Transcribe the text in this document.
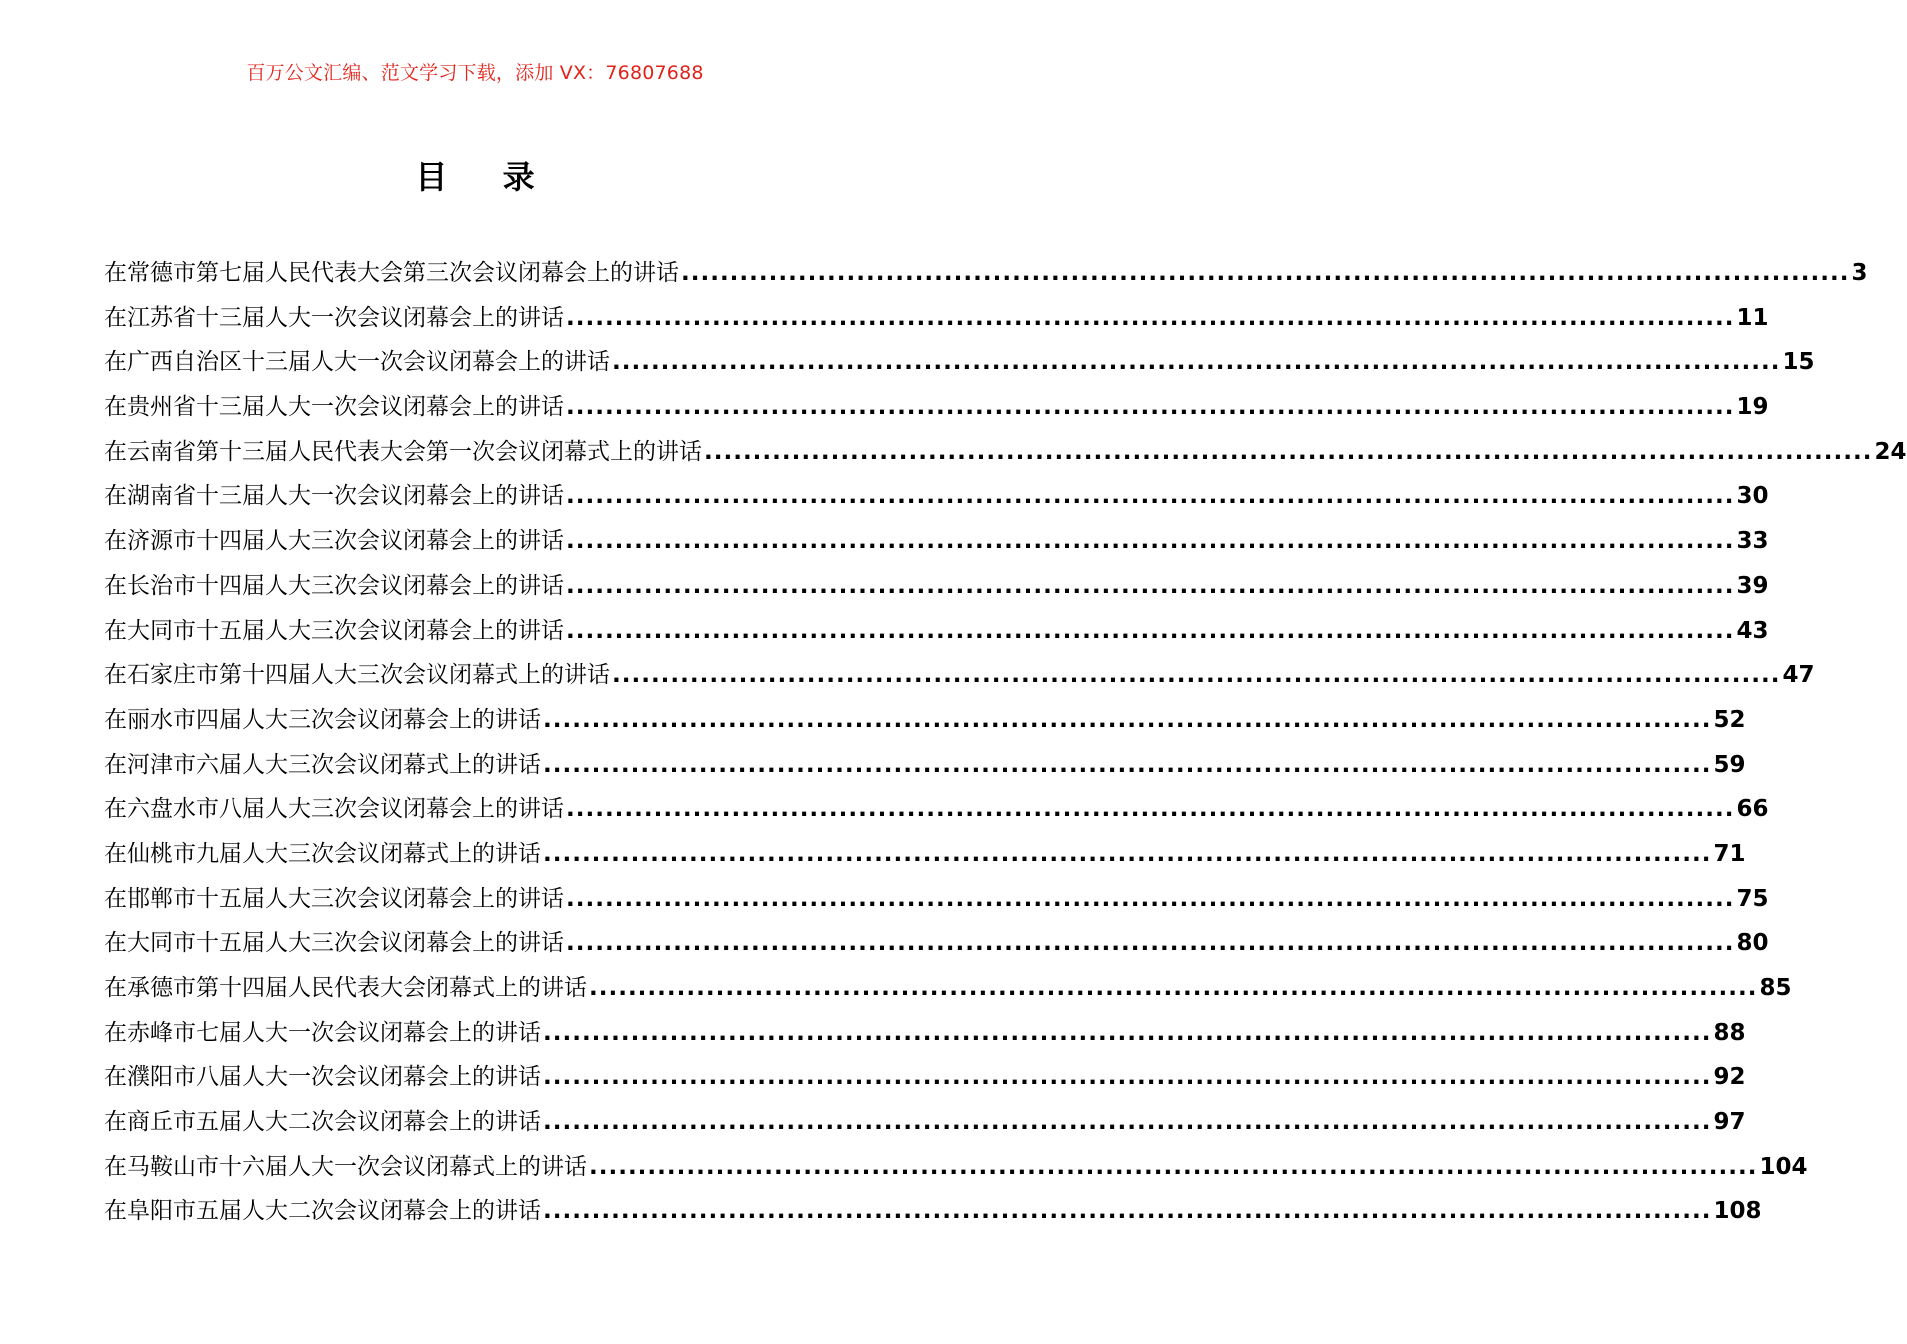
百万公文汇编、范文学习下载，添加 VX：76807688
目 录
在常德市第七届人民代表大会第三次会议闭幕会上的讲话 ........................................................................................................................ 3
在江苏省十三届人大一次会议闭幕会上的讲话 ........................................................................................................................ 11
在广西自治区十三届人大一次会议闭幕会上的讲话 ........................................................................................................................ 15
在贵州省十三届人大一次会议闭幕会上的讲话 ........................................................................................................................ 19
在云南省第十三届人民代表大会第一次会议闭幕式上的讲话 ........................................................................................................................ 24
在湖南省十三届人大一次会议闭幕会上的讲话 ........................................................................................................................ 30
在济源市十四届人大三次会议闭幕会上的讲话 ........................................................................................................................ 33
在长治市十四届人大三次会议闭幕会上的讲话 ........................................................................................................................ 39
在大同市十五届人大三次会议闭幕会上的讲话 ........................................................................................................................ 43
在石家庄市第十四届人大三次会议闭幕式上的讲话 ........................................................................................................................ 47
在丽水市四届人大三次会议闭幕会上的讲话 ........................................................................................................................ 52
在河津市六届人大三次会议闭幕式上的讲话 ........................................................................................................................ 59
在六盘水市八届人大三次会议闭幕会上的讲话 ........................................................................................................................ 66
在仙桃市九届人大三次会议闭幕式上的讲话 ........................................................................................................................ 71
在邯郸市十五届人大三次会议闭幕会上的讲话 ........................................................................................................................ 75
在大同市十五届人大三次会议闭幕会上的讲话 ........................................................................................................................ 80
在承德市第十四届人民代表大会闭幕式上的讲话 ........................................................................................................................ 85
在赤峰市七届人大一次会议闭幕会上的讲话 ........................................................................................................................ 88
在濮阳市八届人大一次会议闭幕会上的讲话 ........................................................................................................................ 92
在商丘市五届人大二次会议闭幕会上的讲话 ........................................................................................................................ 97
在马鞍山市十六届人大一次会议闭幕式上的讲话 ........................................................................................................................ 104
在阜阳市五届人大二次会议闭幕会上的讲话 ........................................................................................................................ 108
